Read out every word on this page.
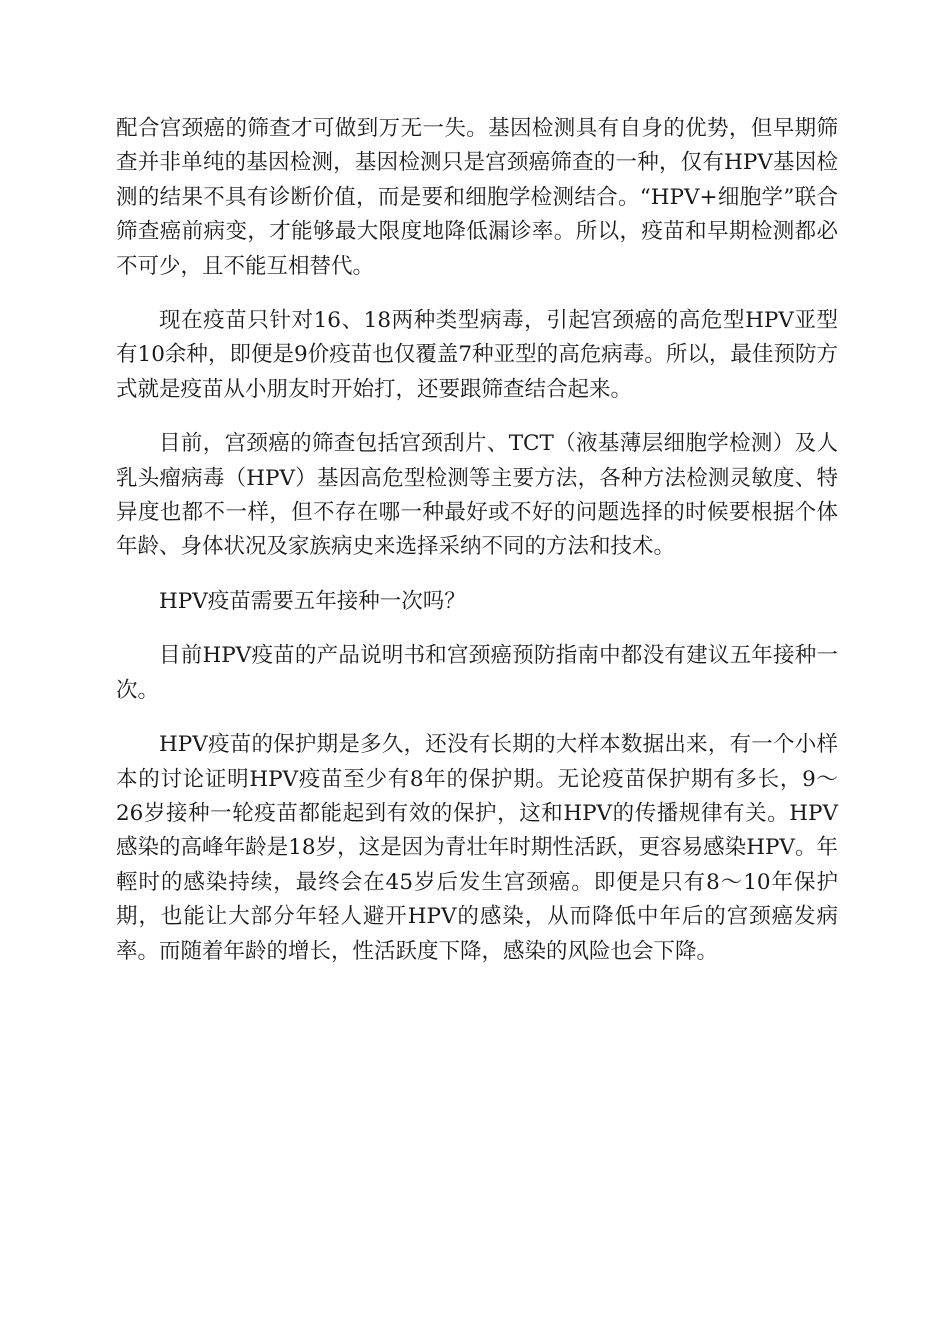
配合宫颈癌的筛查才可做到万无一失。基因检测具有自身的优势，但早期筛查并非单纯的基因检测，基因检测只是宫颈癌筛查的一种，仅有HPV基因检测的结果不具有诊断价值，而是要和细胞学检测结合。“HPV+细胞学”联合筛查癌前病变，才能够最大限度地降低漏诊率。所以，疫苗和早期检测都必不可少，且不能互相替代。

现在疫苗只针对16、18两种类型病毒，引起宫颈癌的高危型HPV亚型有10余种，即便是9价疫苗也仅覆盖7种亚型的高危病毒。所以，最佳预防方式就是疫苗从小朋友时开始打，还要跟筛查结合起来。

目前，宫颈癌的筛查包括宫颈刮片、TCT（液基薄层细胞学检测）及人乳头瘤病毒（HPV）基因高危型检测等主要方法，各种方法检测灵敏度、特异度也都不一样，但不存在哪一种最好或不好的问题选择的时候要根据个体年龄、身体状况及家族病史来选择采纳不同的方法和技术。

HPV疫苗需要五年接种一次吗？

目前HPV疫苗的产品说明书和宫颈癌预防指南中都没有建议五年接种一次。

HPV疫苗的保护期是多久，还没有长期的大样本数据出来，有一个小样本的讨论证明HPV疫苗至少有8年的保护期。无论疫苗保护期有多长，9～26岁接种一轮疫苗都能起到有效的保护，这和HPV的传播规律有关。HPV感染的高峰年龄是18岁，这是因为青壮年时期性活跃，更容易感染HPV。年輕时的感染持续，最终会在45岁后发生宫颈癌。即便是只有8～10年保护期，也能让大部分年轻人避开HPV的感染，从而降低中年后的宫颈癌发病率。而随着年龄的增长，性活跃度下降，感染的风险也会下降。
